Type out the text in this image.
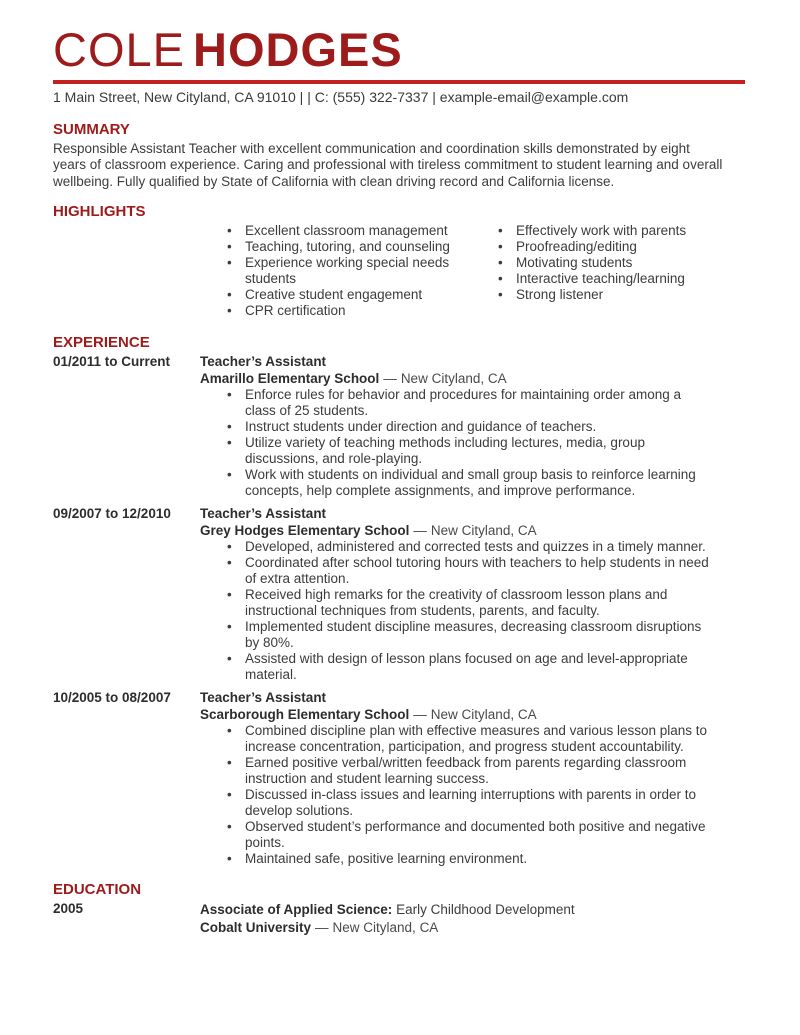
COLE HODGES
1 Main Street, New Cityland, CA 91010 | | C: (555) 322-7337 | example-email@example.com
SUMMARY
Responsible Assistant Teacher with excellent communication and coordination skills demonstrated by eight years of classroom experience. Caring and professional with tireless commitment to student learning and overall wellbeing. Fully qualified by State of California with clean driving record and California license.
HIGHLIGHTS
• Excellent classroom management
• Teaching, tutoring, and counseling
• Experience working special needs students
• Creative student engagement
• CPR certification
• Effectively work with parents
• Proofreading/editing
• Motivating students
• Interactive teaching/learning
• Strong listener
EXPERIENCE
01/2011 to Current	Teacher’s Assistant
Amarillo Elementary School — New Cityland, CA
• Enforce rules for behavior and procedures for maintaining order among a class of 25 students.
• Instruct students under direction and guidance of teachers.
• Utilize variety of teaching methods including lectures, media, group discussions, and role-playing.
• Work with students on individual and small group basis to reinforce learning concepts, help complete assignments, and improve performance.
09/2007 to 12/2010	Teacher’s Assistant
Grey Hodges Elementary School — New Cityland, CA
• Developed, administered and corrected tests and quizzes in a timely manner.
• Coordinated after school tutoring hours with teachers to help students in need of extra attention.
• Received high remarks for the creativity of classroom lesson plans and instructional techniques from students, parents, and faculty.
• Implemented student discipline measures, decreasing classroom disruptions by 80%.
• Assisted with design of lesson plans focused on age and level-appropriate material.
10/2005 to 08/2007	Teacher’s Assistant
Scarborough Elementary School — New Cityland, CA
• Combined discipline plan with effective measures and various lesson plans to increase concentration, participation, and progress student accountability.
• Earned positive verbal/written feedback from parents regarding classroom instruction and student learning success.
• Discussed in-class issues and learning interruptions with parents in order to develop solutions.
• Observed student’s performance and documented both positive and negative points.
• Maintained safe, positive learning environment.
EDUCATION
2005	Associate of Applied Science: Early Childhood Development
Cobalt University — New Cityland, CA
